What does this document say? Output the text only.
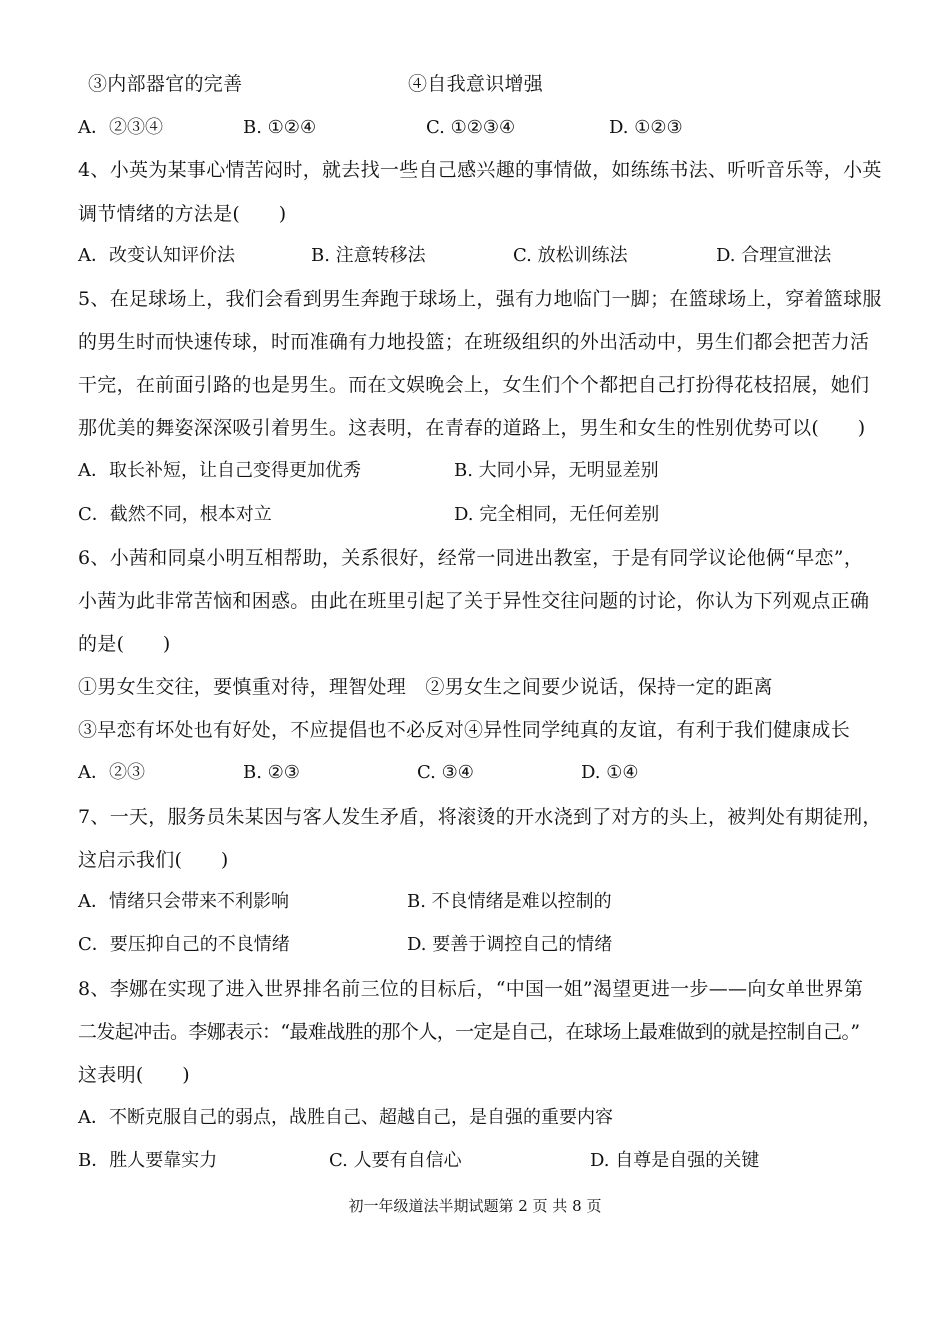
③内部器官的完善	④自我意识增强
A．②③④	B. ①②④	C. ①②③④	D. ①②③
4、小英为某事心情苦闷时，就去找一些自己感兴趣的事情做，如练练书法、听听音乐等，小英
调节情绪的方法是(　　)
A．改变认知评价法	B. 注意转移法	C. 放松训练法	D. 合理宣泄法
5、在足球场上，我们会看到男生奔跑于球场上，强有力地临门一脚；在篮球场上，穿着篮球服
的男生时而快速传球，时而准确有力地投篮；在班级组织的外出活动中，男生们都会把苦力活
干完，在前面引路的也是男生。而在文娱晚会上，女生们个个都把自己打扮得花枝招展，她们
那优美的舞姿深深吸引着男生。这表明，在青春的道路上，男生和女生的性别优势可以(　　)
A．取长补短，让自己变得更加优秀	B. 大同小异，无明显差别
C．截然不同，根本对立	D. 完全相同，无任何差别
6、小茜和同桌小明互相帮助，关系很好，经常一同进出教室，于是有同学议论他俩“早恋”，
小茜为此非常苦恼和困惑。由此在班里引起了关于异性交往问题的讨论，你认为下列观点正确
的是(　　)
①男女生交往，要慎重对待，理智处理　②男女生之间要少说话，保持一定的距离
③早恋有坏处也有好处，不应提倡也不必反对④异性同学纯真的友谊，有利于我们健康成长
A．②③	B. ②③	C. ③④	D. ①④
7、一天，服务员朱某因与客人发生矛盾，将滚烫的开水浇到了对方的头上，被判处有期徒刑，
这启示我们(　　)
A．情绪只会带来不利影响	B. 不良情绪是难以控制的
C．要压抑自己的不良情绪	D. 要善于调控自己的情绪
8、李娜在实现了进入世界排名前三位的目标后，“中国一姐”渴望更进一步——向女单世界第
二发起冲击。李娜表示：“最难战胜的那个人，一定是自己，在球场上最难做到的就是控制自己。”
这表明(　　)
A．不断克服自己的弱点，战胜自己、超越自己，是自强的重要内容
B．胜人要靠实力	C. 人要有自信心	D. 自尊是自强的关键
初一年级道法半期试题第 2 页 共 8 页
